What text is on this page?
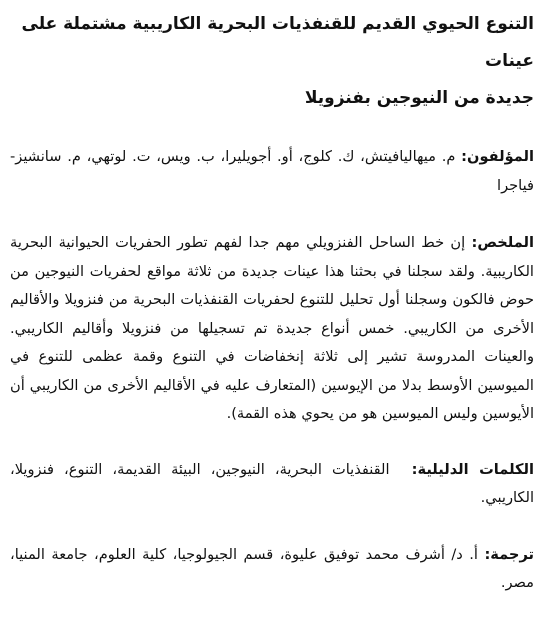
التنوع الحيوي القديم للقنفذيات البحرية الكاريبية مشتملة على عينات
جديدة من النيوجين بفنزويلا

المؤلفون: م. ميهاليافيتش، ك. كلوج، أو. أجويليرا، ب. ويس، ت. لوتهي، م. سانشيز-فياجرا

الملخص: إن خط الساحل الفنزويلي مهم جدا لفهم تطور الحفريات الحيوانية البحرية الكاريبية. ولقد سجلنا في بحثنا هذا عينات جديدة من ثلاثة مواقع لحفريات النيوجين من حوض فالكون وسجلنا أول تحليل للتنوع لحفريات القنفذيات البحرية من فنزويلا والأقاليم الأخرى من الكاريبي. خمس أنواع جديدة تم تسجيلها من فنزويلا وأقاليم الكاريبي. والعينات المدروسة تشير إلى ثلاثة إنخفاضات في التنوع وقمة عظمى للتنوع في الميوسين الأوسط بدلا من الإيوسين (المتعارف عليه في الأقاليم الأخرى من الكاريبي أن الأيوسين وليس الميوسين هو من يحوي هذه القمة).

الكلمات الدليلية: القنفذيات البحرية، النيوجين، البيئة القديمة، التنوع، فنزويلا، الكاريبي.

ترجمة: أ. د/ أشرف محمد توفيق عليوة، قسم الجيولوجيا، كلية العلوم، جامعة المنيا، مصر.
